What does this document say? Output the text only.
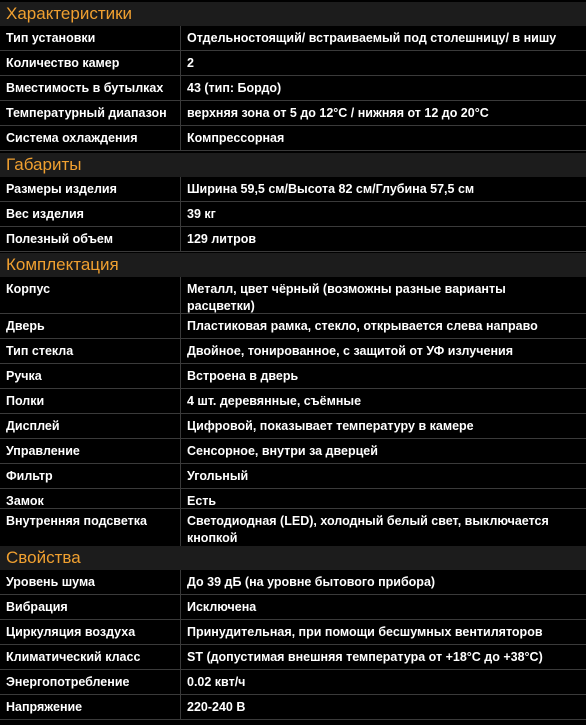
Характеристики
Тип установки	Отдельностоящий/ встраиваемый под столешницу/ в нишу
Количество камер	2
Вместимость в бутылках	43 (тип: Бордо)
Температурный диапазон	верхняя зона от 5 до 12°С / нижняя от 12 до 20°С
Система охлаждения	Компрессорная
Габариты
Размеры изделия	Ширина 59,5 см/Высота 82 см/Глубина 57,5 см
Вес изделия	39 кг
Полезный объем	129 литров
Комплектация
Корпус	Металл, цвет чёрный (возможны разные варианты расцветки)
Дверь	Пластиковая рамка, стекло, открывается слева направо
Тип стекла	Двойное, тонированное, с защитой от УФ излучения
Ручка	Встроена в дверь
Полки	4 шт. деревянные, съёмные
Дисплей	Цифровой, показывает температуру в камере
Управление	Сенсорное, внутри за дверцей
Фильтр	Угольный
Замок	Есть
Внутренняя подсветка	Светодиодная (LED), холодный белый свет, выключается кнопкой
Свойства
Уровень шума	До 39 дБ (на уровне бытового прибора)
Вибрация	Исключена
Циркуляция воздуха	Принудительная, при помощи бесшумных вентиляторов
Климатический класс	ST (допустимая внешняя температура от +18°С до +38°С)
Энергопотребление	0.02 квт/ч
Напряжение	220-240 В
